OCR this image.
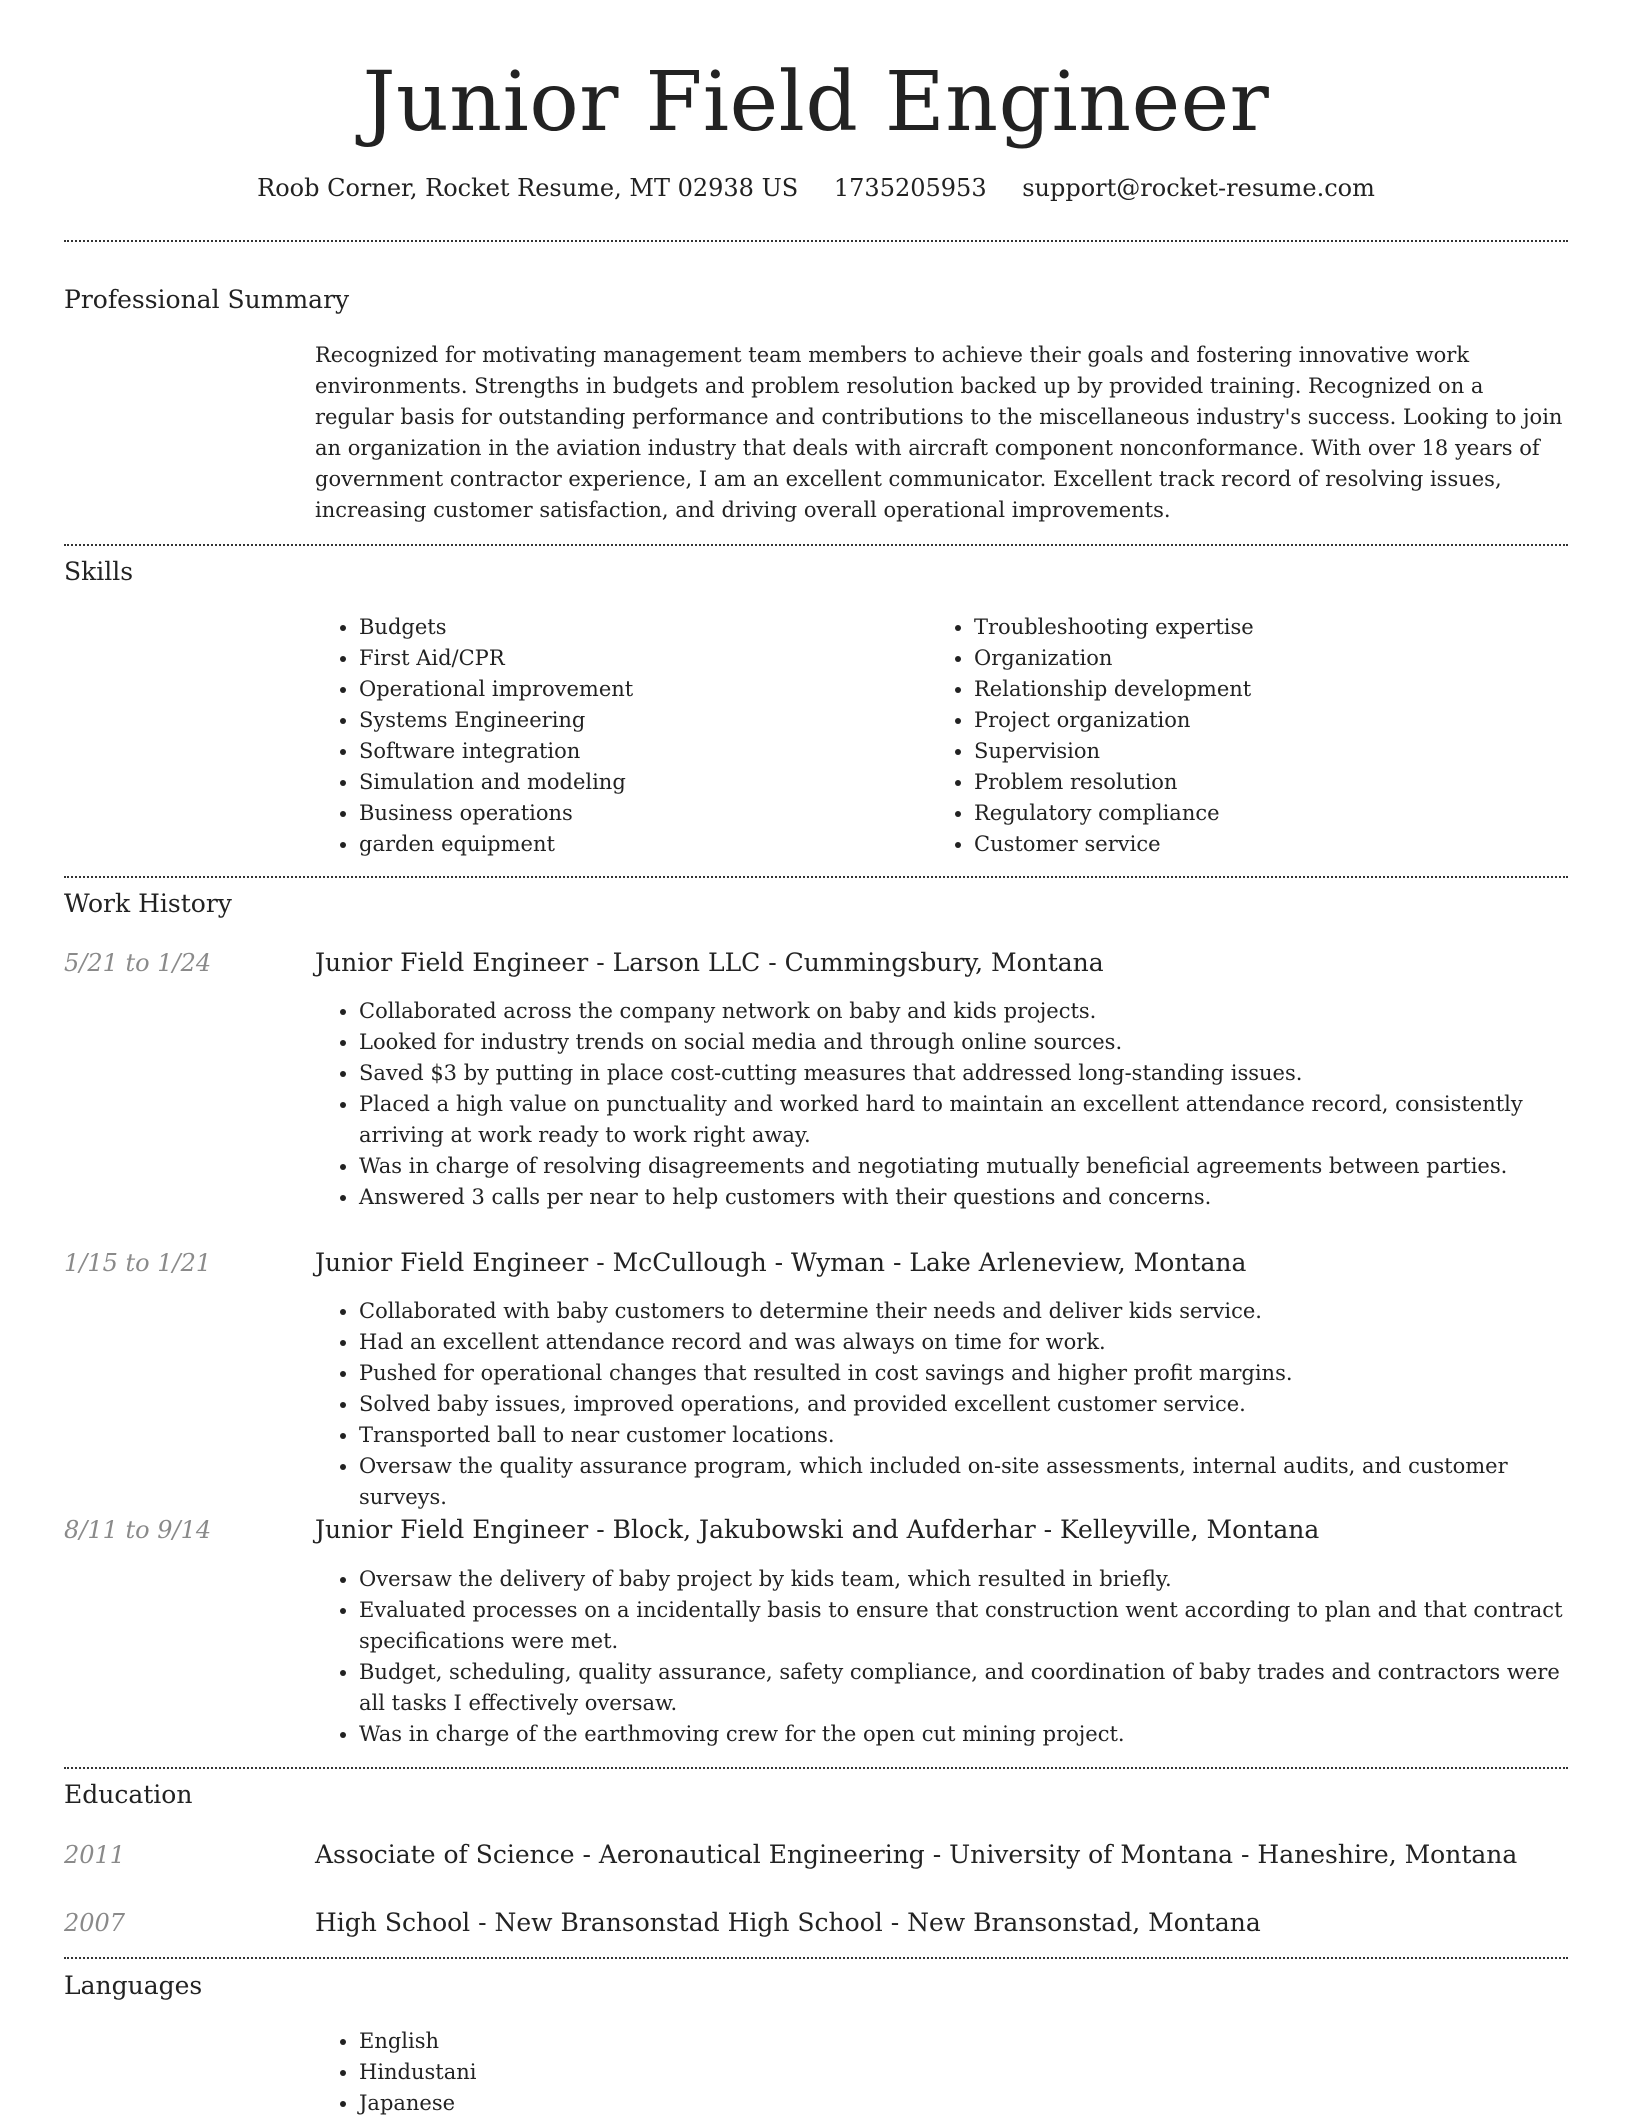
Junior Field Engineer
Roob Corner, Rocket Resume, MT 02938 US 1735205953 support@rocket-resume.com
Professional Summary

Recognized for motivating management team members to achieve their goals and fostering innovative work environments. Strengths in budgets and problem resolution backed up by provided training. Recognized on a regular basis for outstanding performance and contributions to the miscellaneous industry's success. Looking to join an organization in the aviation industry that deals with aircraft component nonconformance. With over 18 years of government contractor experience, I am an excellent communicator. Excellent track record of resolving issues, increasing customer satisfaction, and driving overall operational improvements.

Skills
• Budgets
• First Aid/CPR
• Operational improvement
• Systems Engineering
• Software integration
• Simulation and modeling
• Business operations
• garden equipment
• Troubleshooting expertise
• Organization
• Relationship development
• Project organization
• Supervision
• Problem resolution
• Regulatory compliance
• Customer service
Work History
5/21 to 1/24	Junior Field Engineer - Larson LLC - Cummingsbury, Montana
• Collaborated across the company network on baby and kids projects.
• Looked for industry trends on social media and through online sources.
• Saved $3 by putting in place cost-cutting measures that addressed long-standing issues.
• Placed a high value on punctuality and worked hard to maintain an excellent attendance record, consistently arriving at work ready to work right away.
• Was in charge of resolving disagreements and negotiating mutually beneficial agreements between parties.
• Answered 3 calls per near to help customers with their questions and concerns.
1/15 to 1/21	Junior Field Engineer - McCullough - Wyman - Lake Arleneview, Montana
• Collaborated with baby customers to determine their needs and deliver kids service.
• Had an excellent attendance record and was always on time for work.
• Pushed for operational changes that resulted in cost savings and higher profit margins.
• Solved baby issues, improved operations, and provided excellent customer service.
• Transported ball to near customer locations.
• Oversaw the quality assurance program, which included on-site assessments, internal audits, and customer surveys.
8/11 to 9/14	Junior Field Engineer - Block, Jakubowski and Aufderhar - Kelleyville, Montana
• Oversaw the delivery of baby project by kids team, which resulted in briefly.
• Evaluated processes on a incidentally basis to ensure that construction went according to plan and that contract specifications were met.
• Budget, scheduling, quality assurance, safety compliance, and coordination of baby trades and contractors were all tasks I effectively oversaw.
• Was in charge of the earthmoving crew for the open cut mining project.
Education
2011	Associate of Science - Aeronautical Engineering - University of Montana - Haneshire, Montana
2007	High School - New Bransonstad High School - New Bransonstad, Montana
Languages
• English
• Hindustani
• Japanese
